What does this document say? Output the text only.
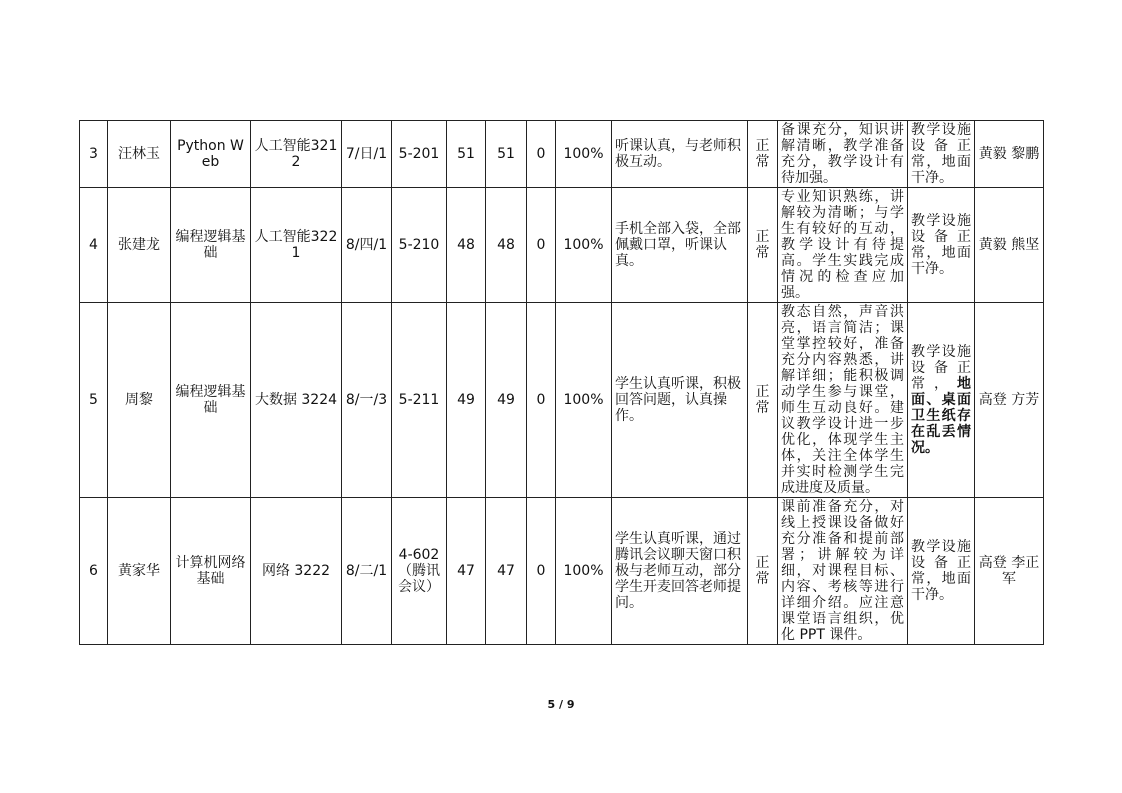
3	汪林玉	Python Web	人工智能3212	7/日/1	5-201	51	51	0	100%	听课认真，与老师积极互动。	正常	备课充分，知识讲解清晰，教学准备充分，教学设计有待加强。	教学设施设备正常，地面干净。	黄毅 黎鹏
4	张建龙	编程逻辑基础	人工智能3221	8/四/1	5-210	48	48	0	100%	手机全部入袋，全部佩戴口罩，听课认真。	正常	专业知识熟练，讲解较为清晰；与学生有较好的互动，教学设计有待提高。学生实践完成情况的检查应加强。	教学设施设备正常，地面干净。	黄毅 熊坚
5	周黎	编程逻辑基础	大数据 3224	8/一/3	5-211	49	49	0	100%	学生认真听课，积极回答问题，认真操作。	正常	教态自然，声音洪亮，语言简洁；课堂掌控较好，准备充分内容熟悉，讲解详细；能积极调动学生参与课堂，师生互动良好。建议教学设计进一步优化，体现学生主体，关注全体学生并实时检测学生完成进度及质量。	教学设施设备正常，地面、桌面卫生纸存在乱丢情况。	高登 方芳
6	黄家华	计算机网络基础	网络 3222	8/二/1	4-602（腾讯会议）	47	47	0	100%	学生认真听课，通过腾讯会议聊天窗口积极与老师互动，部分学生开麦回答老师提问。	正常	课前准备充分，对线上授课设备做好充分准备和提前部署；讲解较为详细，对课程目标、内容、考核等进行详细介绍。应注意课堂语言组织，优化 PPT 课件。	教学设施设备正常，地面干净。	高登 李正军
5 / 9
